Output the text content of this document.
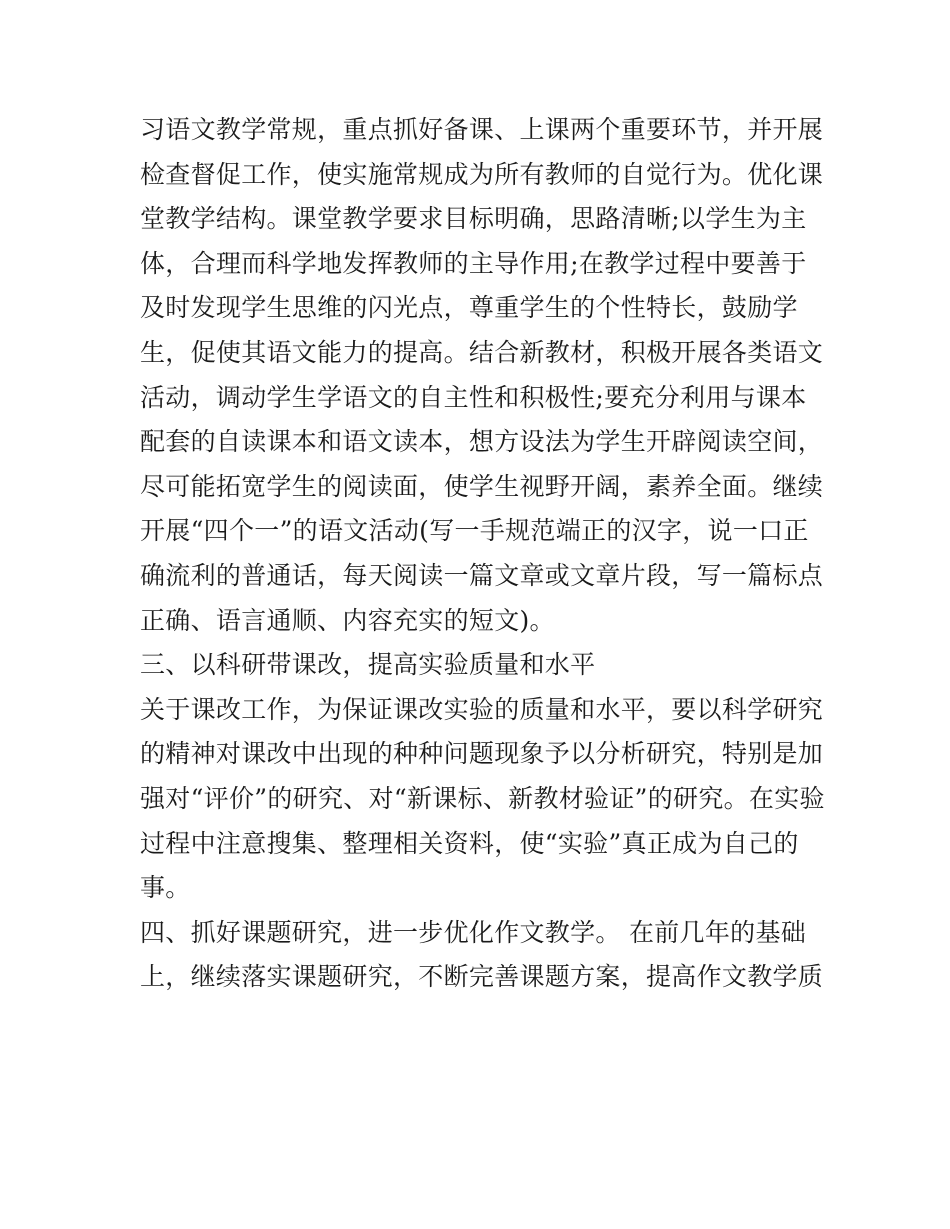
习语文教学常规，重点抓好备课、上课两个重要环节，并开展
检查督促工作，使实施常规成为所有教师的自觉行为。优化课
堂教学结构。课堂教学要求目标明确，思路清晰;以学生为主
体，合理而科学地发挥教师的主导作用;在教学过程中要善于
及时发现学生思维的闪光点，尊重学生的个性特长，鼓励学
生，促使其语文能力的提高。结合新教材，积极开展各类语文
活动，调动学生学语文的自主性和积极性;要充分利用与课本
配套的自读课本和语文读本，想方设法为学生开辟阅读空间，
尽可能拓宽学生的阅读面，使学生视野开阔，素养全面。继续
开展“四个一”的语文活动(写一手规范端正的汉字，说一口正
确流利的普通话，每天阅读一篇文章或文章片段，写一篇标点
正确、语言通顺、内容充实的短文)。
三、以科研带课改，提高实验质量和水平
关于课改工作，为保证课改实验的质量和水平，要以科学研究
的精神对课改中出现的种种问题现象予以分析研究，特别是加
强对“评价”的研究、对“新课标、新教材验证”的研究。在实验
过程中注意搜集、整理相关资料，使“实验”真正成为自己的
事。
四、抓好课题研究，进一步优化作文教学。 在前几年的基础
上，继续落实课题研究，不断完善课题方案，提高作文教学质
